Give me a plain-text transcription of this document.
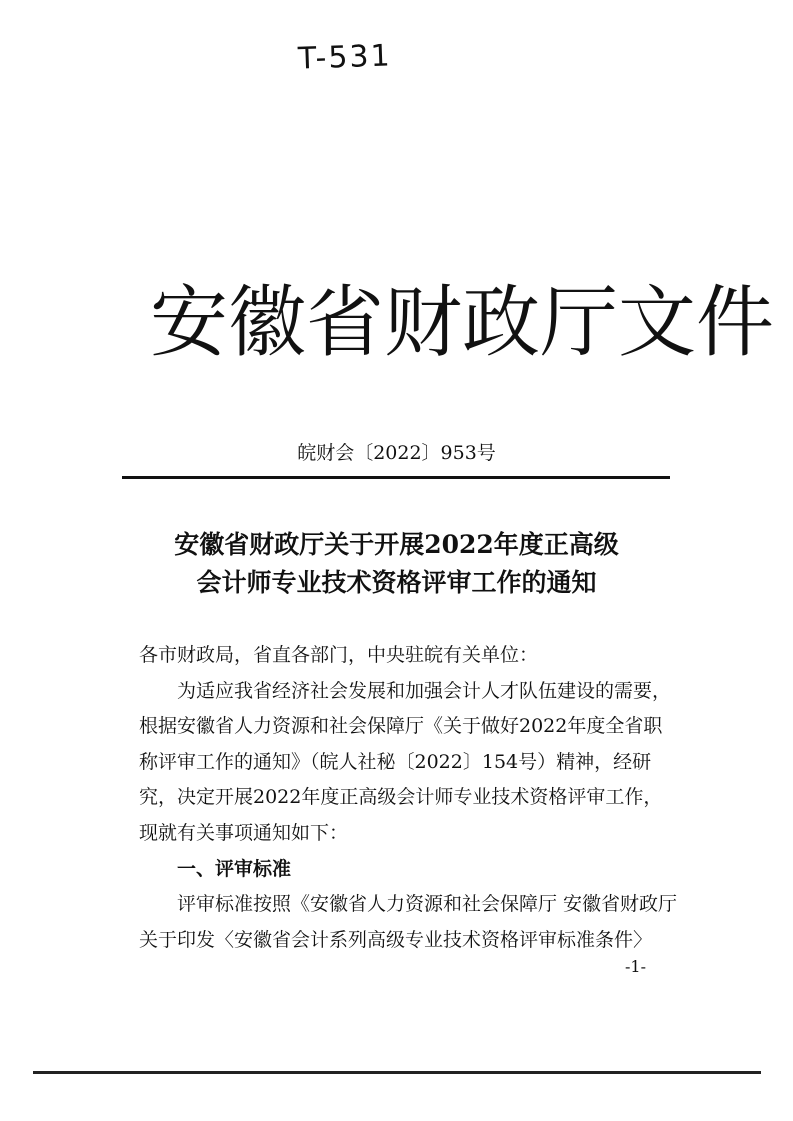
T-531
安徽省财政厅文件
皖财会〔2022〕953号
安徽省财政厅关于开展2022年度正高级
会计师专业技术资格评审工作的通知

各市财政局，省直各部门，中央驻皖有关单位：

为适应我省经济社会发展和加强会计人才队伍建设的需要，根据安徽省人力资源和社会保障厅《关于做好2022年度全省职称评审工作的通知》（皖人社秘〔2022〕154号）精神，经研究，决定开展2022年度正高级会计师专业技术资格评审工作，现就有关事项通知如下：

一、评审标准

评审标准按照《安徽省人力资源和社会保障厅 安徽省财政厅关于印发〈安徽省会计系列高级专业技术资格评审标准条件〉

-1-
